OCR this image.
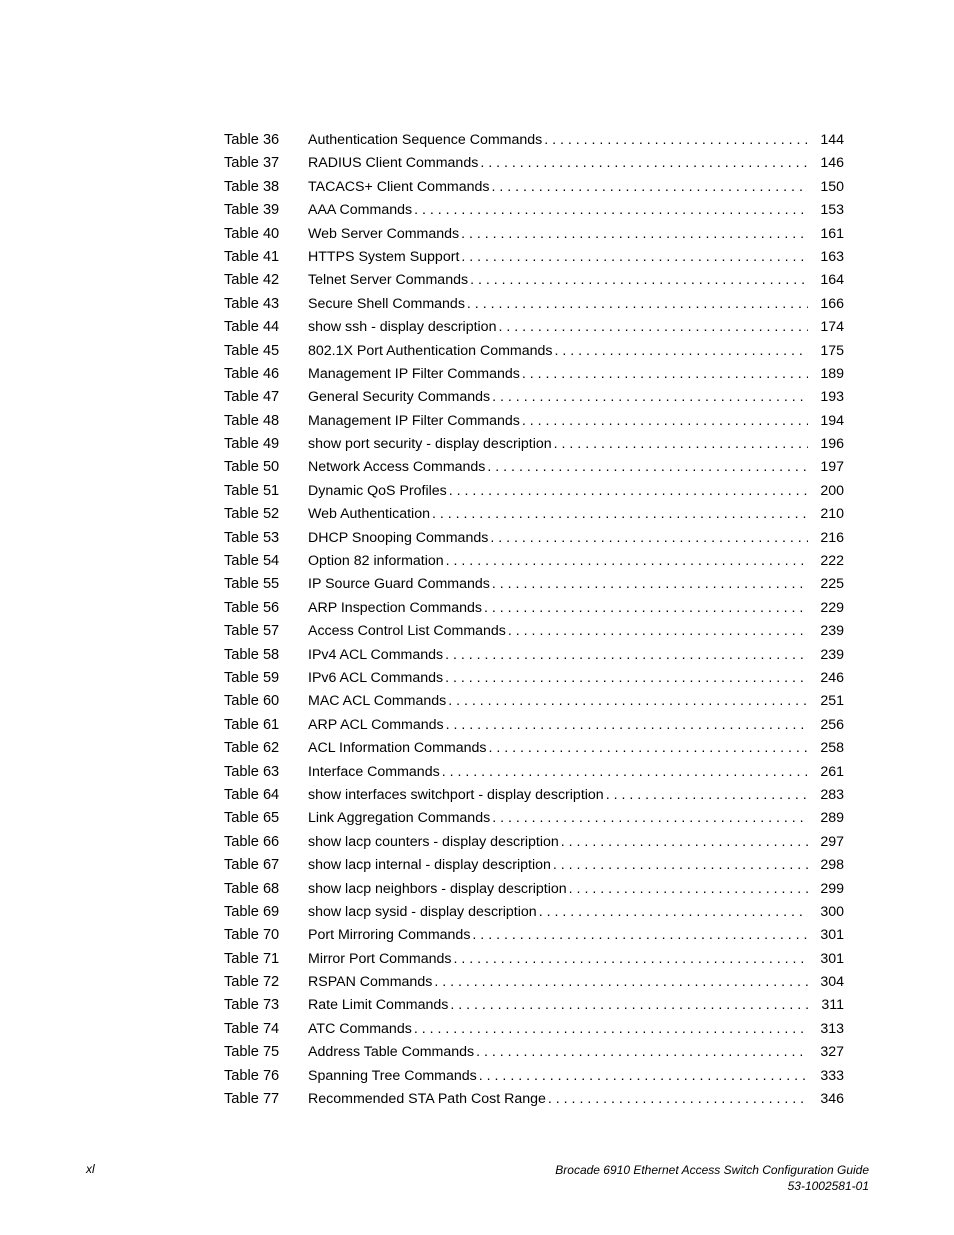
Table 36	Authentication Sequence Commands . . .	144
Table 37	RADIUS Client Commands . . .	146
Table 38	TACACS+ Client Commands . . .	150
Table 39	AAA Commands . . .	153
Table 40	Web Server Commands . . .	161
Table 41	HTTPS System Support . . .	163
Table 42	Telnet Server Commands . . .	164
Table 43	Secure Shell Commands . . .	166
Table 44	show ssh - display description . . .	174
Table 45	802.1X Port Authentication Commands . . .	175
Table 46	Management IP Filter Commands . . .	189
Table 47	General Security Commands . . .	193
Table 48	Management IP Filter Commands . . .	194
Table 49	show port security - display description . . .	196
Table 50	Network Access Commands . . .	197
Table 51	Dynamic QoS Profiles . . .	200
Table 52	Web Authentication . . .	210
Table 53	DHCP Snooping Commands . . .	216
Table 54	Option 82 information . . .	222
Table 55	IP Source Guard Commands . . .	225
Table 56	ARP Inspection Commands . . .	229
Table 57	Access Control List Commands . . .	239
Table 58	IPv4 ACL Commands . . .	239
Table 59	IPv6 ACL Commands . . .	246
Table 60	MAC ACL Commands . . .	251
Table 61	ARP ACL Commands . . .	256
Table 62	ACL Information Commands . . .	258
Table 63	Interface Commands . . .	261
Table 64	show interfaces switchport - display description . . .	283
Table 65	Link Aggregation Commands . . .	289
Table 66	show lacp counters - display description . . .	297
Table 67	show lacp internal - display description . . .	298
Table 68	show lacp neighbors - display description . . .	299
Table 69	show lacp sysid - display description . . .	300
Table 70	Port Mirroring Commands . . .	301
Table 71	Mirror Port Commands . . .	301
Table 72	RSPAN Commands . . .	304
Table 73	Rate Limit Commands . . .	311
Table 74	ATC Commands . . .	313
Table 75	Address Table Commands . . .	327
Table 76	Spanning Tree Commands . . .	333
Table 77	Recommended STA Path Cost Range . . .	346
xl	Brocade 6910 Ethernet Access Switch Configuration Guide
53-1002581-01
